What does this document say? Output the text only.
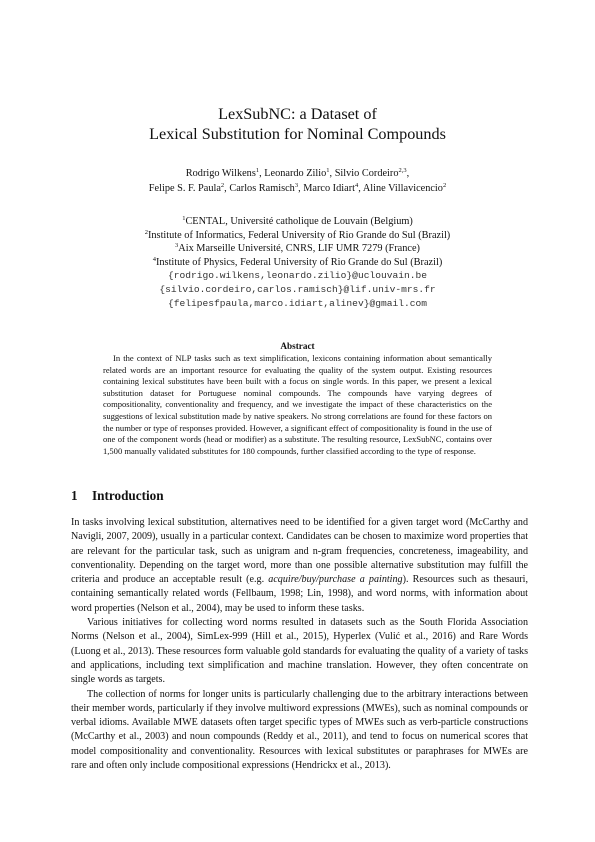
LexSubNC: a Dataset of
Lexical Substitution for Nominal Compounds
Rodrigo Wilkens$^1$, Leonardo Zilio$^1$, Silvio Cordeiro$^{2,3}$,
Felipe S. F. Paula$^2$, Carlos Ramisch$^3$, Marco Idiart$^4$, Aline Villavicencio$^2$
$^1$CENTAL, Université catholique de Louvain (Belgium)
$^2$Institute of Informatics, Federal University of Rio Grande do Sul (Brazil)
$^3$Aix Marseille Université, CNRS, LIF UMR 7279 (France)
$^4$Institute of Physics, Federal University of Rio Grande do Sul (Brazil)
{rodrigo.wilkens,leonardo.zilio}@uclouvain.be
{silvio.cordeiro,carlos.ramisch}@lif.univ-mrs.fr
{felipesfpaula,marco.idiart,alinev}@gmail.com
Abstract

In the context of NLP tasks such as text simplification, lexicons containing information about semantically related words are an important resource for evaluating the quality of the system output. Existing resources containing lexical substitutes have been built with a focus on single words. In this paper, we present a lexical substitution dataset for Portuguese nominal compounds. The compounds have varying degrees of compositionality, conventionality and frequency, and we investigate the impact of these characteristics on the suggestions of lexical substitution made by native speakers. No strong correlations are found for these factors on the number or type of responses provided. However, a significant effect of compositionality is found in the use of one of the component words (head or modifier) as a substitute. The resulting resource, LexSubNC, contains over 1,500 manually validated substitutes for 180 compounds, further classified according to the type of response.

1 Introduction

In tasks involving lexical substitution, alternatives need to be identified for a given target word (McCarthy and Navigli, 2007, 2009), usually in a particular context. Candidates can be chosen to maximize word properties that are relevant for the particular task, such as unigram and n-gram frequencies, concreteness, imageability, and conventionality. Depending on the target word, more than one possible alternative substitution may fulfill the criteria and produce an acceptable result (e.g. acquire/buy/purchase a painting). Resources such as thesauri, containing semantically related words (Fellbaum, 1998; Lin, 1998), and word norms, with information about word properties (Nelson et al., 2004), may be used to inform these tasks.

Various initiatives for collecting word norms resulted in datasets such as the South Florida Association Norms (Nelson et al., 2004), SimLex-999 (Hill et al., 2015), Hyperlex (Vulić et al., 2016) and Rare Words (Luong et al., 2013). These resources form valuable gold standards for evaluating the quality of a variety of tasks and applications, including text simplification and machine translation. However, they often concentrate on single words as targets.

The collection of norms for longer units is particularly challenging due to the arbitrary interactions between their member words, particularly if they involve multiword expressions (MWEs), such as nominal compounds or verbal idioms. Available MWE datasets often target specific types of MWEs such as verb-particle constructions (McCarthy et al., 2003) and noun compounds (Reddy et al., 2011), and tend to focus on numerical scores that model compositionality and conventionality. Resources with lexical substitutes or paraphrases for MWEs are rare and often only include compositional expressions (Hendrickx et al., 2013).
